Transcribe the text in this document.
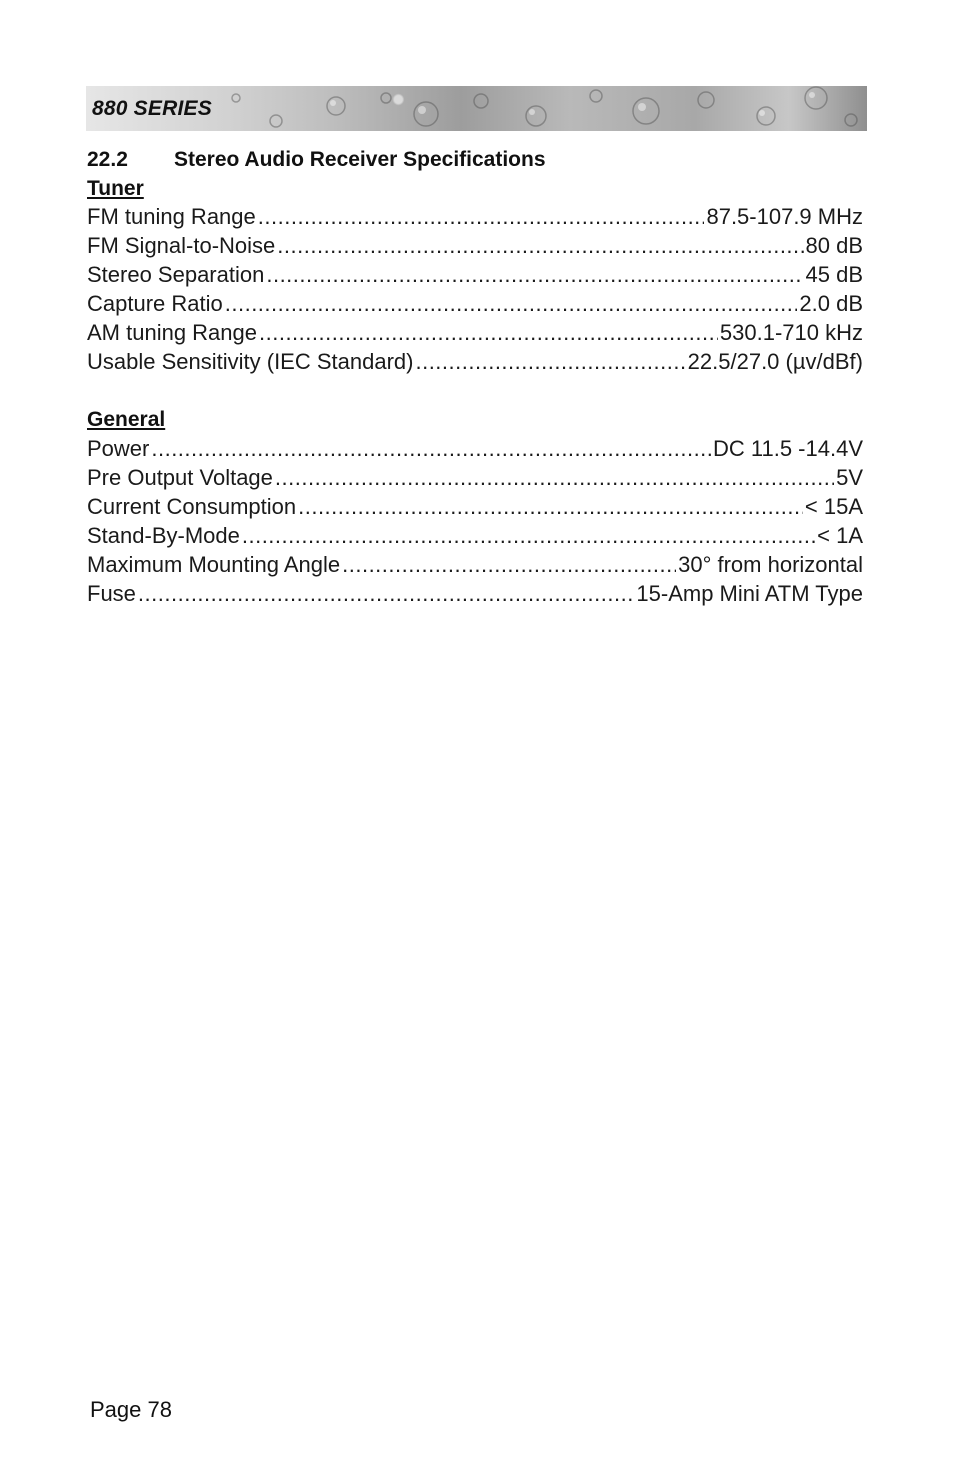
880 SERIES
22.2 Stereo Audio Receiver Specifications
Tuner
FM tuning Range .....	87.5-107.9 MHz
FM Signal-to-Noise .....	80 dB
Stereo Separation .....	45 dB
Capture Ratio .....	2.0 dB
AM tuning Range .....	530.1-710 kHz
Usable Sensitivity (IEC Standard) .....	22.5/27.0 (µv/dBf)
General
Power .....	DC 11.5 -14.4V
Pre Output Voltage .....	5V
Current Consumption .....	< 15A
Stand-By-Mode .....	< 1A
Maximum Mounting Angle .....	30° from horizontal
Fuse .....	15-Amp Mini ATM Type
Page 78
